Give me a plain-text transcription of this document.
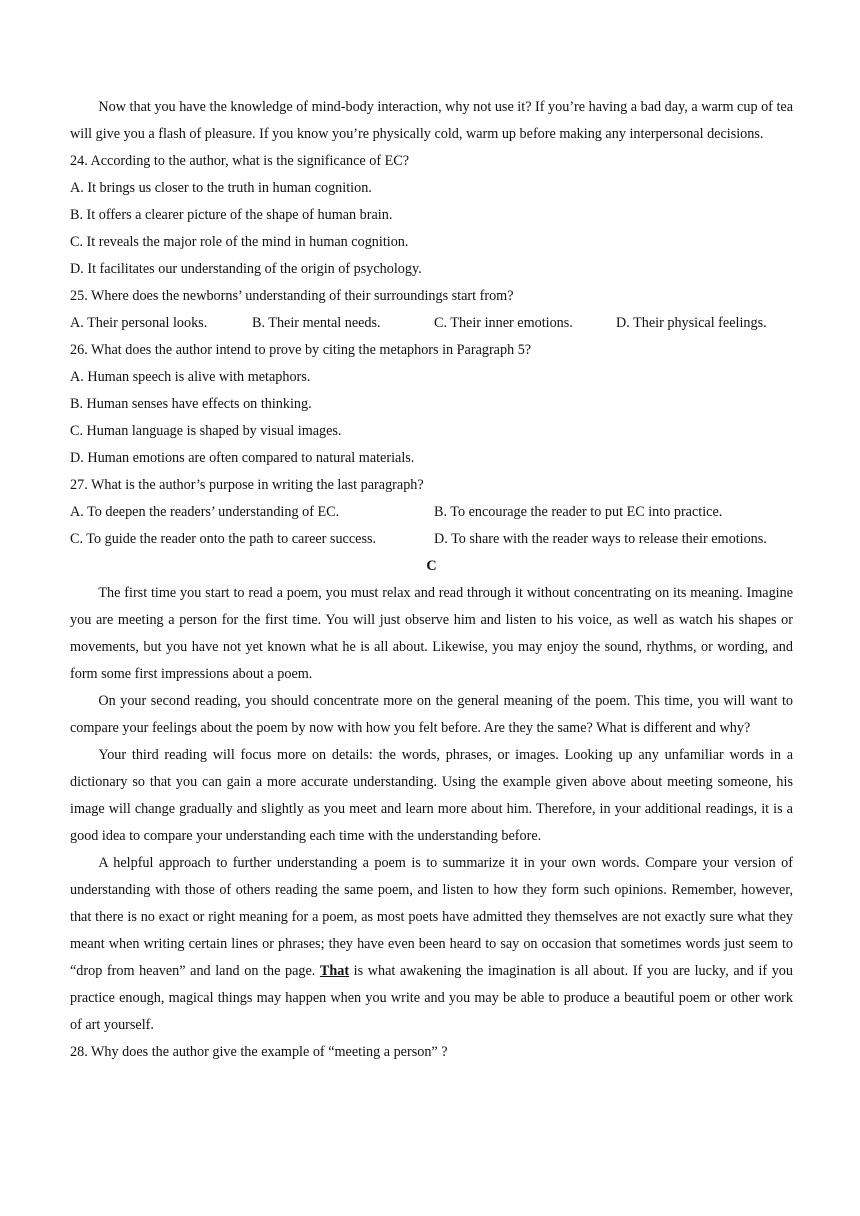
Now that you have the knowledge of mind-body interaction, why not use it? If you’re having a bad day, a warm cup of tea will give you a flash of pleasure. If you know you’re physically cold, warm up before making any interpersonal decisions.

24. According to the author, what is the significance of EC?

A. It brings us closer to the truth in human cognition.

B. It offers a clearer picture of the shape of human brain.

C. It reveals the major role of the mind in human cognition.

D. It facilitates our understanding of the origin of psychology.

25. Where does the newborns’ understanding of their surroundings start from?

A. Their personal looks.	B. Their mental needs.	C. Their inner emotions.	D. Their physical feelings.

26. What does the author intend to prove by citing the metaphors in Paragraph 5?

A. Human speech is alive with metaphors.

B. Human senses have effects on thinking.

C. Human language is shaped by visual images.

D. Human emotions are often compared to natural materials.

27. What is the author’s purpose in writing the last paragraph?

A. To deepen the readers’ understanding of EC.	B. To encourage the reader to put EC into practice.
C. To guide the reader onto the path to career success.	D. To share with the reader ways to release their emotions.

C

The first time you start to read a poem, you must relax and read through it without concentrating on its meaning. Imagine you are meeting a person for the first time. You will just observe him and listen to his voice, as well as watch his shapes or movements, but you have not yet known what he is all about. Likewise, you may enjoy the sound, rhythms, or wording, and form some first impressions about a poem.

On your second reading, you should concentrate more on the general meaning of the poem. This time, you will want to compare your feelings about the poem by now with how you felt before. Are they the same? What is different and why?

Your third reading will focus more on details: the words, phrases, or images. Looking up any unfamiliar words in a dictionary so that you can gain a more accurate understanding. Using the example given above about meeting someone, his image will change gradually and slightly as you meet and learn more about him. Therefore, in your additional readings, it is a good idea to compare your understanding each time with the understanding before.

A helpful approach to further understanding a poem is to summarize it in your own words. Compare your version of understanding with those of others reading the same poem, and listen to how they form such opinions. Remember, however, that there is no exact or right meaning for a poem, as most poets have admitted they themselves are not exactly sure what they meant when writing certain lines or phrases; they have even been heard to say on occasion that sometimes words just seem to “drop from heaven” and land on the page. That is what awakening the imagination is all about. If you are lucky, and if you practice enough, magical things may happen when you write and you may be able to produce a beautiful poem or other work of art yourself.

28. Why does the author give the example of “meeting a person” ?
